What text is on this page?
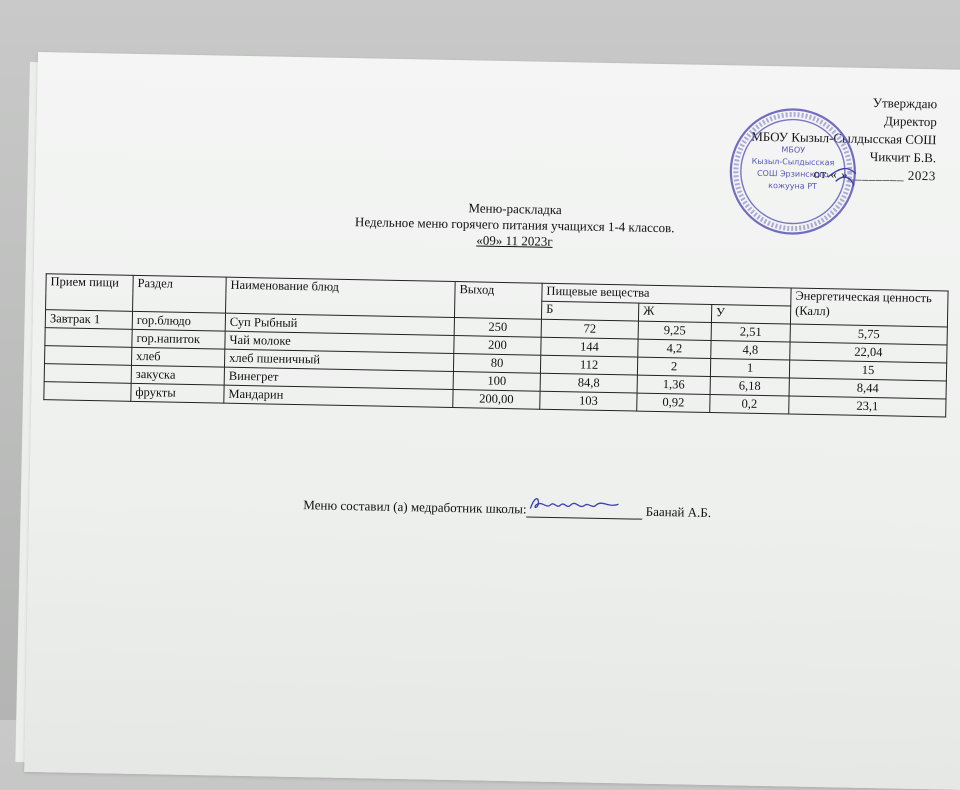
Утверждаю
Директор
МБОУ Кызыл-Сылдысская СОШ
Чикчит Б.В.
от « »________ 2023
МБОУ
Кызыл-Сылдысская
СОШ Эрзинского
кожууна РТ
Меню-раскладка
Недельное меню горячего питания учащихся 1-4 классов.
«09» 11 2023г
Прием пищи	Раздел	Наименование блюд	Выход	Пищевые вещества			Энергетическая ценность (Калл)
				Б	Ж	У	
Завтрак 1	гор.блюдо	Суп Рыбный	250	72	9,25	2,51	5,75
	гор.напиток	Чай молоке	200	144	4,2	4,8	22,04
	хлеб	хлеб пшеничный	80	112	2	1	15
	закуска	Винегрет	100	84,8	1,36	6,18	8,44
	фрукты	Мандарин	200,00	103	0,92	0,2	23,1
Меню составил (а) медработник школы:	Баанай А.Б.
